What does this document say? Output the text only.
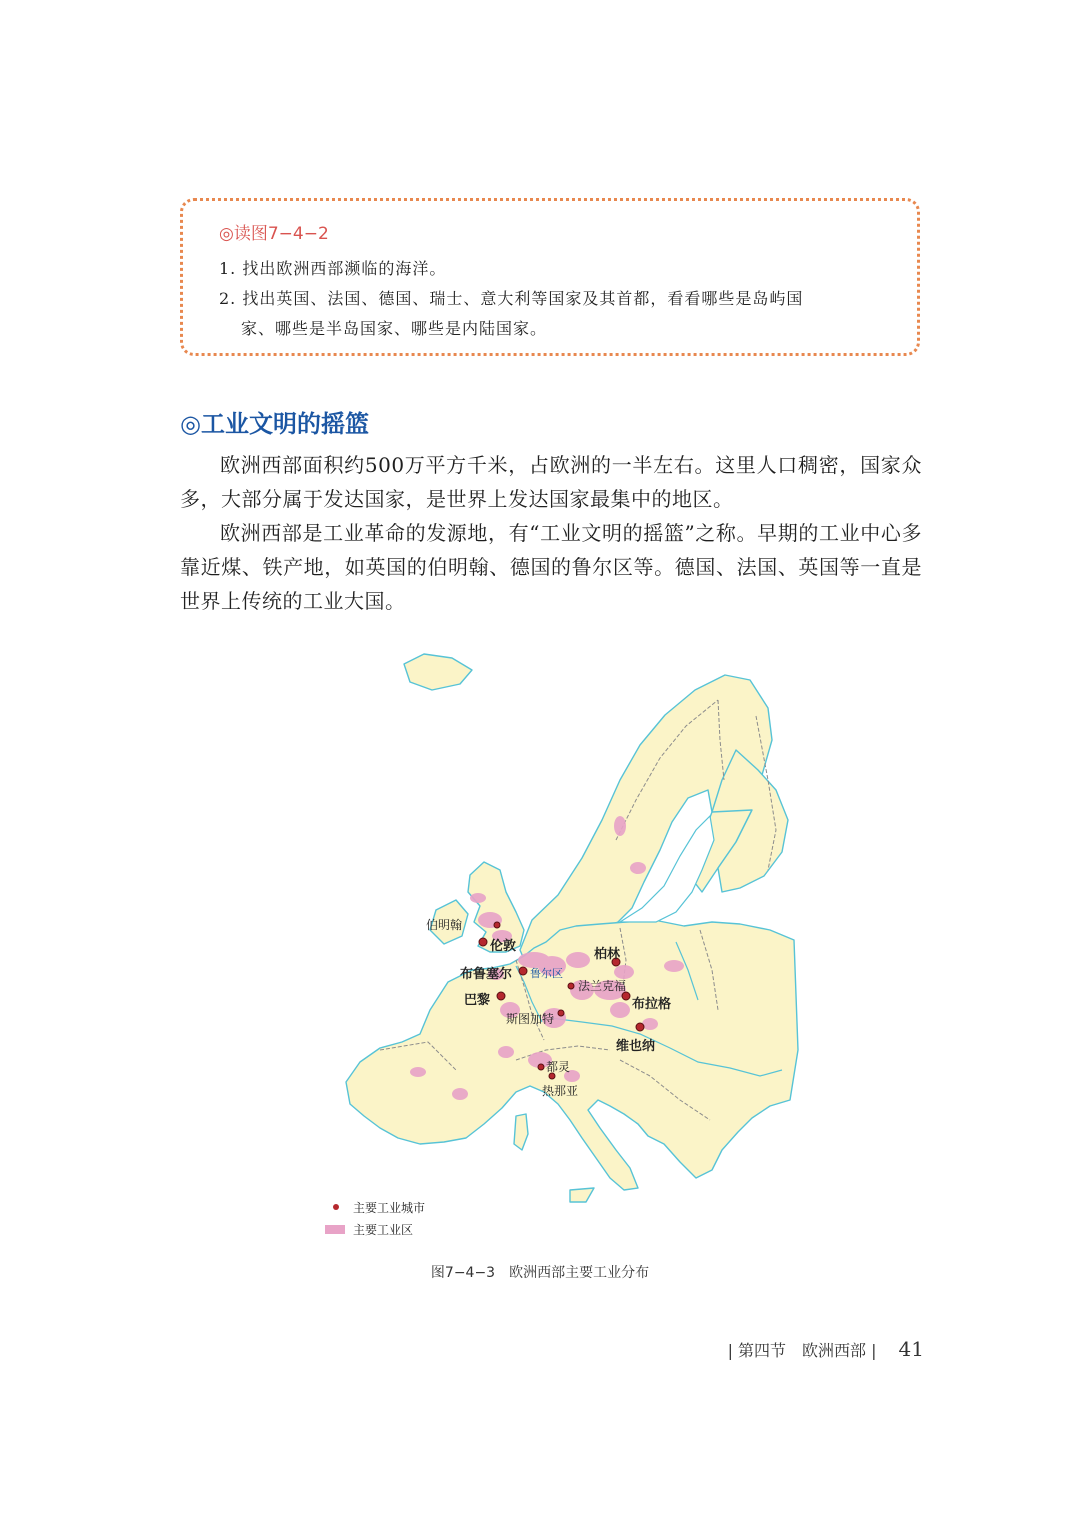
◎读图7−4−2
1. 找出欧洲西部濒临的海洋。
2. 找出英国、法国、德国、瑞士、意大利等国家及其首都，看看哪些是岛屿国
家、哪些是半岛国家、哪些是内陆国家。
◎工业文明的摇篮

欧洲西部面积约500万平方千米，占欧洲的一半左右。这里人口稠密，国家众多，大部分属于发达国家，是世界上发达国家最集中的地区。

欧洲西部是工业革命的发源地，有“工业文明的摇篮”之称。早期的工业中心多靠近煤、铁产地，如英国的伯明翰、德国的鲁尔区等。德国、法国、英国等一直是世界上传统的工业大国。

伯明翰
伦敦
布鲁塞尔 鲁尔区
柏林
法兰克福
巴黎	布拉格
斯图加特
维也纳
都灵
热那亚
主要工业城市
主要工业区
图7−4−3　欧洲西部主要工业分布
| 第四节　欧洲西部 | 41
